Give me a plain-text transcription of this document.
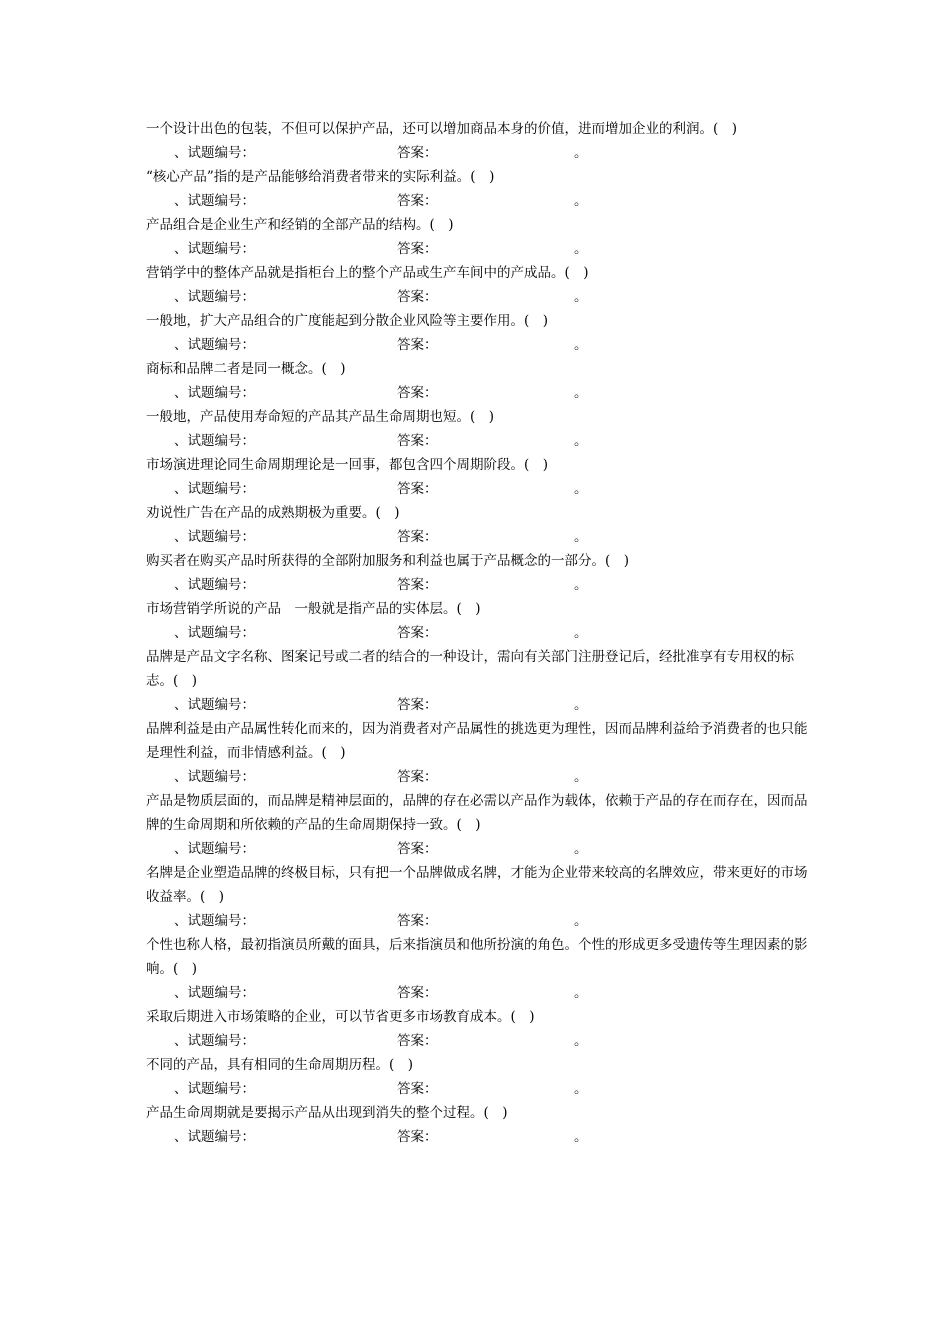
一个设计出色的包装，不但可以保护产品，还可以增加商品本身的价值，进而增加企业的利润。(　)

、试题编号：	答案：	。

“核心产品”指的是产品能够给消费者带来的实际利益。(　)

、试题编号：	答案：	。

产品组合是企业生产和经销的全部产品的结构。(　)

、试题编号：	答案：	。

营销学中的整体产品就是指柜台上的整个产品或生产车间中的产成品。(　)

、试题编号：	答案：	。

一般地，扩大产品组合的广度能起到分散企业风险等主要作用。(　)

、试题编号：	答案：	。

商标和品牌二者是同一概念。(　)

、试题编号：	答案：	。

一般地，产品使用寿命短的产品其产品生命周期也短。(　)

、试题编号：	答案：	。

市场演进理论同生命周期理论是一回事，都包含四个周期阶段。(　)

、试题编号：	答案：	。

劝说性广告在产品的成熟期极为重要。(　)

、试题编号：	答案：	。

购买者在购买产品时所获得的全部附加服务和利益也属于产品概念的一部分。(　)

、试题编号：	答案：	。

市场营销学所说的产品　一般就是指产品的实体层。(　)

、试题编号：	答案：	。

品牌是产品文字名称、图案记号或二者的结合的一种设计，需向有关部门注册登记后，经批准享有专用权的标志。(　)

、试题编号：	答案：	。

品牌利益是由产品属性转化而来的，因为消费者对产品属性的挑选更为理性，因而品牌利益给予消费者的也只能是理性利益，而非情感利益。(　)

、试题编号：	答案：	。

产品是物质层面的，而品牌是精神层面的，品牌的存在必需以产品作为载体，依赖于产品的存在而存在，因而品牌的生命周期和所依赖的产品的生命周期保持一致。(　)

、试题编号：	答案：	。

名牌是企业塑造品牌的终极目标，只有把一个品牌做成名牌，才能为企业带来较高的名牌效应，带来更好的市场收益率。(　)

、试题编号：	答案：	。

个性也称人格，最初指演员所戴的面具，后来指演员和他所扮演的角色。个性的形成更多受遗传等生理因素的影响。(　)

、试题编号：	答案：	。

采取后期进入市场策略的企业，可以节省更多市场教育成本。(　)

、试题编号：	答案：	。

不同的产品，具有相同的生命周期历程。(　)

、试题编号：	答案：	。

产品生命周期就是要揭示产品从出现到消失的整个过程。(　)

、试题编号：	答案：	。
